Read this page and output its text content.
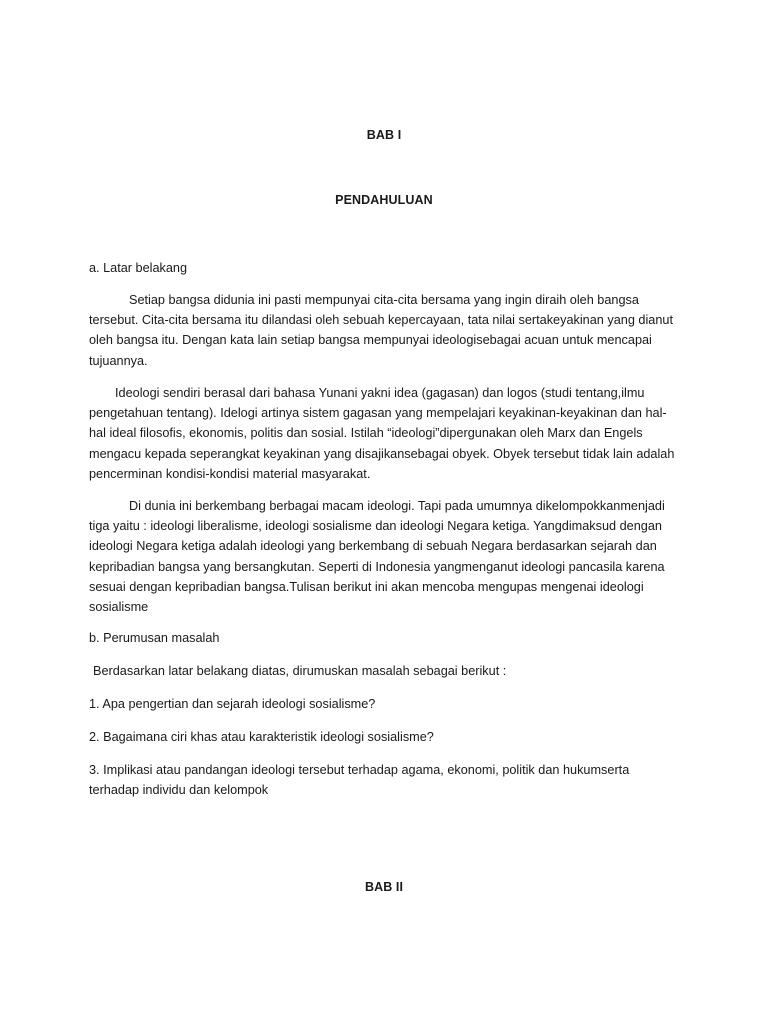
BAB I
PENDAHULUAN
a. Latar belakang
Setiap bangsa didunia ini pasti mempunyai cita-cita bersama yang ingin diraih oleh bangsa
tersebut. Cita-cita bersama itu dilandasi oleh sebuah kepercayaan, tata nilai sertakeyakinan yang dianut
oleh bangsa itu. Dengan kata lain setiap bangsa mempunyai ideologisebagai acuan untuk mencapai
tujuannya.
Ideologi sendiri berasal dari bahasa Yunani yakni idea (gagasan) dan logos (studi tentang,ilmu
pengetahuan tentang). Idelogi artinya sistem gagasan yang mempelajari keyakinan-keyakinan dan hal-
hal ideal filosofis, ekonomis, politis dan sosial. Istilah “ideologi”dipergunakan oleh Marx dan Engels
mengacu kepada seperangkat keyakinan yang disajikansebagai obyek. Obyek tersebut tidak lain adalah
pencerminan kondisi-kondisi material masyarakat.
Di dunia ini berkembang berbagai macam ideologi. Tapi pada umumnya dikelompokkanmenjadi
tiga yaitu : ideologi liberalisme, ideologi sosialisme dan ideologi Negara ketiga. Yangdimaksud dengan
ideologi Negara ketiga adalah ideologi yang berkembang di sebuah Negara berdasarkan sejarah dan
kepribadian bangsa yang bersangkutan. Seperti di Indonesia yangmenganut ideologi pancasila karena
sesuai dengan kepribadian bangsa.Tulisan berikut ini akan mencoba mengupas mengenai ideologi
sosialisme
b. Perumusan masalah
Berdasarkan latar belakang diatas, dirumuskan masalah sebagai berikut :
1. Apa pengertian dan sejarah ideologi sosialisme?
2. Bagaimana ciri khas atau karakteristik ideologi sosialisme?
3. Implikasi atau pandangan ideologi tersebut terhadap agama, ekonomi, politik dan hukumserta
terhadap individu dan kelompok
BAB II
